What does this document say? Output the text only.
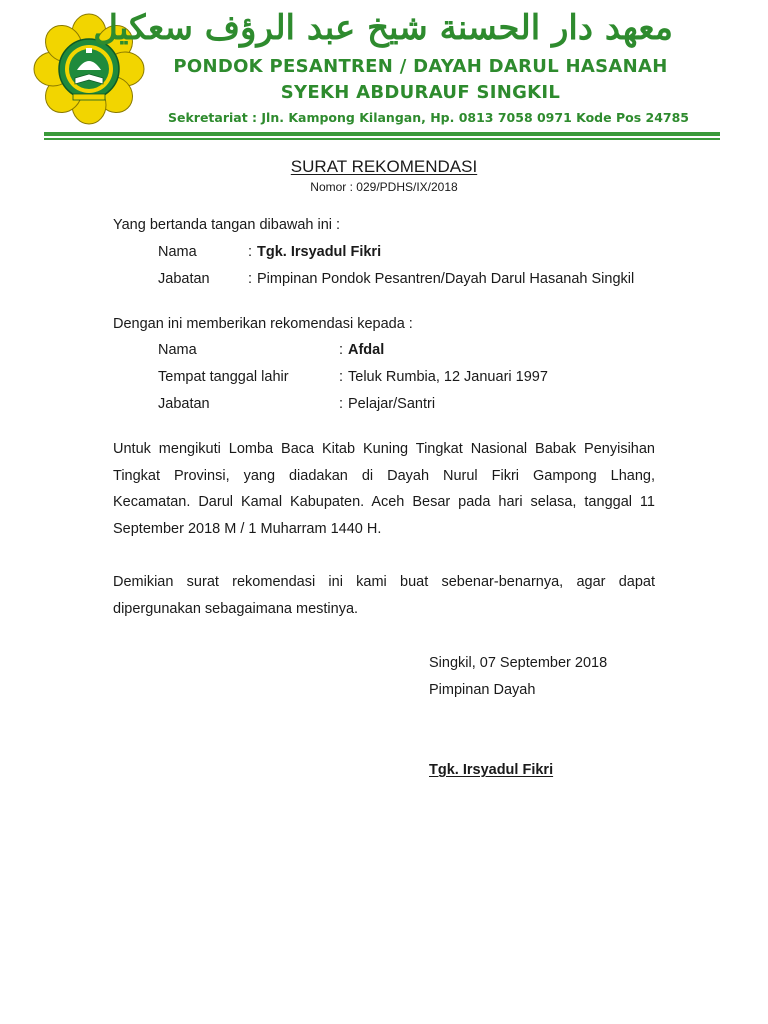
معهد دار الحسنة شيخ عبد الرؤف سعكيل
PONDOK PESANTREN / DAYAH DARUL HASANAH
SYEKH ABDURAUF SINGKIL
Sekretariat : Jln. Kampong Kilangan, Hp. 0813 7058 0971 Kode Pos 24785
SURAT REKOMENDASI
Nomor : 029/PDHS/IX/2018
Yang bertanda tangan dibawah ini :
Nama	: Tgk. Irsyadul Fikri
Jabatan	: Pimpinan Pondok Pesantren/Dayah Darul Hasanah Singkil
Dengan ini memberikan rekomendasi kepada :
Nama	: Afdal
Tempat tanggal lahir	: Teluk Rumbia, 12 Januari 1997
Jabatan	: Pelajar/Santri
Untuk mengikuti Lomba Baca Kitab Kuning Tingkat Nasional Babak Penyisihan
Tingkat Provinsi, yang diadakan di Dayah Nurul Fikri Gampong Lhang,
Kecamatan. Darul Kamal Kabupaten. Aceh Besar pada hari selasa, tanggal 11
September 2018 M / 1 Muharram 1440 H.
Demikian surat rekomendasi ini kami buat sebenar-benarnya, agar dapat
dipergunakan sebagaimana mestinya.
Singkil, 07 September 2018
Pimpinan Dayah
Tgk. Irsyadul Fikri
